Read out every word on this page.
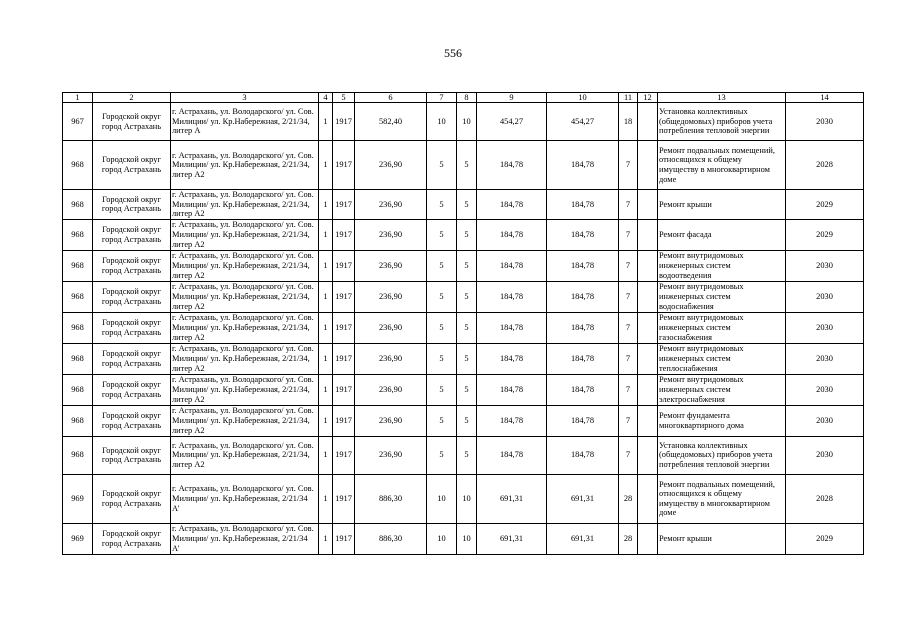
556
1	2	3	4	5	6	7	8	9	10	11	12	13	14
967	Городской округ город Астрахань	г. Астрахань, ул. Володарского/ ул. Сов. Милиции/ ул. Кр.Набережная, 2/21/34, литер А	1	1917	582,40	10	10	454,27	454,27	18		Установка коллективных (общедомовых) приборов учета потребления тепловой энергии	2030
968	Городской округ город Астрахань	г. Астрахань, ул. Володарского/ ул. Сов. Милиции/ ул. Кр.Набережная, 2/21/34, литер А2	1	1917	236,90	5	5	184,78	184,78	7		Ремонт подвальных помещений, относящихся к общему имуществу в многоквартирном доме	2028
968	Городской округ город Астрахань	г. Астрахань, ул. Володарского/ ул. Сов. Милиции/ ул. Кр.Набережная, 2/21/34, литер А2	1	1917	236,90	5	5	184,78	184,78	7		Ремонт крыши	2029
968	Городской округ город Астрахань	г. Астрахань, ул. Володарского/ ул. Сов. Милиции/ ул. Кр.Набережная, 2/21/34, литер А2	1	1917	236,90	5	5	184,78	184,78	7		Ремонт фасада	2029
968	Городской округ город Астрахань	г. Астрахань, ул. Володарского/ ул. Сов. Милиции/ ул. Кр.Набережная, 2/21/34, литер А2	1	1917	236,90	5	5	184,78	184,78	7		Ремонт внутридомовых инженерных систем водоотведения	2030
968	Городской округ город Астрахань	г. Астрахань, ул. Володарского/ ул. Сов. Милиции/ ул. Кр.Набережная, 2/21/34, литер А2	1	1917	236,90	5	5	184,78	184,78	7		Ремонт внутридомовых инженерных систем водоснабжения	2030
968	Городской округ город Астрахань	г. Астрахань, ул. Володарского/ ул. Сов. Милиции/ ул. Кр.Набережная, 2/21/34, литер А2	1	1917	236,90	5	5	184,78	184,78	7		Ремонт внутридомовых инженерных систем газоснабжения	2030
968	Городской округ город Астрахань	г. Астрахань, ул. Володарского/ ул. Сов. Милиции/ ул. Кр.Набережная, 2/21/34, литер А2	1	1917	236,90	5	5	184,78	184,78	7		Ремонт внутридомовых инженерных систем теплоснабжения	2030
968	Городской округ город Астрахань	г. Астрахань, ул. Володарского/ ул. Сов. Милиции/ ул. Кр.Набережная, 2/21/34, литер А2	1	1917	236,90	5	5	184,78	184,78	7		Ремонт внутридомовых инженерных систем электроснабжения	2030
968	Городской округ город Астрахань	г. Астрахань, ул. Володарского/ ул. Сов. Милиции/ ул. Кр.Набережная, 2/21/34, литер А2	1	1917	236,90	5	5	184,78	184,78	7		Ремонт фундамента многоквартирного дома	2030
968	Городской округ город Астрахань	г. Астрахань, ул. Володарского/ ул. Сов. Милиции/ ул. Кр.Набережная, 2/21/34, литер А2	1	1917	236,90	5	5	184,78	184,78	7		Установка коллективных (общедомовых) приборов учета потребления тепловой энергии	2030
969	Городской округ город Астрахань	г. Астрахань, ул. Володарского/ ул. Сов. Милиции/ ул. Кр.Набережная, 2/21/34 А'	1	1917	886,30	10	10	691,31	691,31	28		Ремонт подвальных помещений, относящихся к общему имуществу в многоквартирном доме	2028
969	Городской округ город Астрахань	г. Астрахань, ул. Володарского/ ул. Сов. Милиции/ ул. Кр.Набережная, 2/21/34 А'	1	1917	886,30	10	10	691,31	691,31	28		Ремонт крыши	2029
